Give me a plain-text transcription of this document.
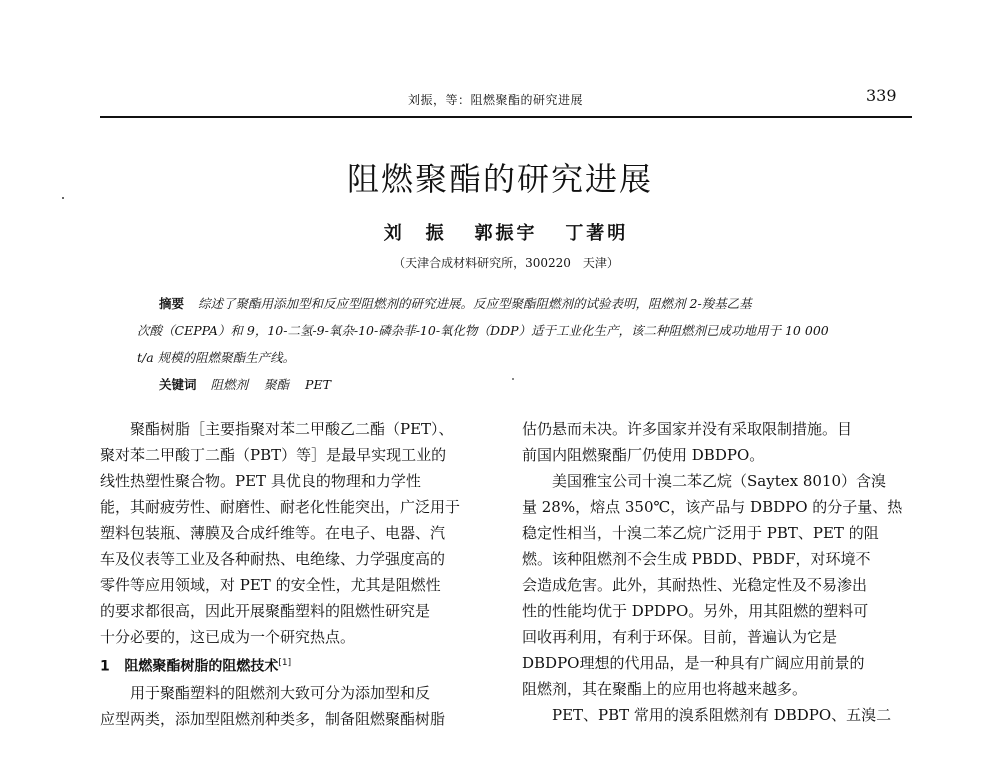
刘振，等：阻燃聚酯的研究进展	339
阻燃聚酯的研究进展
刘　振 郭振宇 丁著明
（天津合成材料研究所，300220　天津）

摘要 综述了聚酯用添加型和反应型阻燃剂的研究进展。反应型聚酯阻燃剂的试验表明，阻燃剂 2-羧基乙基

次酸（CEPPA）和 9，10-二氢-9-氧杂-10-磷杂菲-10-氧化物（DDP）适于工业化生产，该二种阻燃剂已成功地用于 10 000

t/a 规模的阻燃聚酯生产线。

关键词 阻燃剂 聚酯 PET

聚酯树脂［主要指聚对苯二甲酸乙二酯（PET）、

聚对苯二甲酸丁二酯（PBT）等］是最早实现工业的

线性热塑性聚合物。PET 具优良的物理和力学性

能，其耐疲劳性、耐磨性、耐老化性能突出，广泛用于

塑料包装瓶、薄膜及合成纤维等。在电子、电器、汽

车及仪表等工业及各种耐热、电绝缘、力学强度高的

零件等应用领域，对 PET 的安全性，尤其是阻燃性

的要求都很高，因此开展聚酯塑料的阻燃性研究是

十分必要的，这已成为一个研究热点。

1 阻燃聚酯树脂的阻燃技术[1]

用于聚酯塑料的阻燃剂大致可分为添加型和反

应型两类，添加型阻燃剂种类多，制备阻燃聚酯树脂

估仍悬而未决。许多国家并没有采取限制措施。目

前国内阻燃聚酯厂仍使用 DBDPO。

美国雅宝公司十溴二苯乙烷（Saytex 8010）含溴

量 28%，熔点 350℃，该产品与 DBDPO 的分子量、热

稳定性相当，十溴二苯乙烷广泛用于 PBT、PET 的阻

燃。该种阻燃剂不会生成 PBDD、PBDF，对环境不

会造成危害。此外，其耐热性、光稳定性及不易渗出

性的性能均优于 DPDPO。另外，用其阻燃的塑料可

回收再利用，有利于环保。目前，普遍认为它是

DBDPO理想的代用品，是一种具有广阔应用前景的

阻燃剂，其在聚酯上的应用也将越来越多。

PET、PBT 常用的溴系阻燃剂有 DBDPO、五溴二
